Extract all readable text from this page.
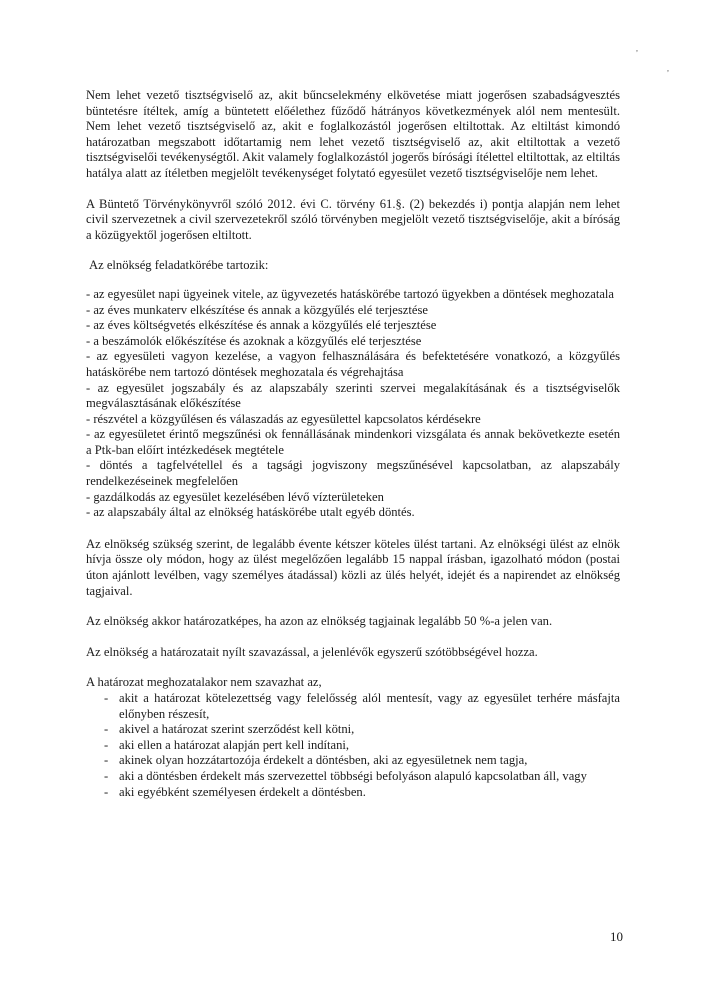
,
,

Nem lehet vezető tisztségviselő az, akit bűncselekmény elkövetése miatt jogerősen szabadságvesztés büntetésre ítéltek, amíg a büntetett előélethez fűződő hátrányos következmények alól nem mentesült. Nem lehet vezető tisztségviselő az, akit e foglalkozástól jogerősen eltiltottak. Az eltiltást kimondó határozatban megszabott időtartamig nem lehet vezető tisztségviselő az, akit eltiltottak a vezető tisztségviselői tevékenységtől. Akit valamely foglalkozástól jogerős bírósági ítélettel eltiltottak, az eltiltás hatálya alatt az ítéletben megjelölt tevékenységet folytató egyesület vezető tisztségviselője nem lehet.

A Büntető Törvénykönyvről szóló 2012. évi C. törvény 61.§. (2) bekezdés i) pontja alapján nem lehet civil szervezetnek a civil szervezetekről szóló törvényben megjelölt vezető tisztségviselője, akit a bíróság a közügyektől jogerősen eltiltott.

Az elnökség feladatkörébe tartozik:

- az egyesület napi ügyeinek vitele, az ügyvezetés hatáskörébe tartozó ügyekben a döntések meghozatala
- az éves munkaterv elkészítése és annak a közgyűlés elé terjesztése
- az éves költségvetés elkészítése és annak a közgyűlés elé terjesztése
- a beszámolók előkészítése és azoknak a közgyűlés elé terjesztése
- az egyesületi vagyon kezelése, a vagyon felhasználására és befektetésére vonatkozó, a közgyűlés hatáskörébe nem tartozó döntések meghozatala és végrehajtása
- az egyesület jogszabály és az alapszabály szerinti szervei megalakításának és a tisztségviselők megválasztásának előkészítése
- részvétel a közgyűlésen és válaszadás az egyesülettel kapcsolatos kérdésekre
- az egyesületet érintő megszűnési ok fennállásának mindenkori vizsgálata és annak bekövetkezte esetén a Ptk-ban előírt intézkedések megtétele
- döntés a tagfelvétellel és a tagsági jogviszony megszűnésével kapcsolatban, az alapszabály rendelkezéseinek megfelelően
- gazdálkodás az egyesület kezelésében lévő vízterületeken
- az alapszabály által az elnökség hatáskörébe utalt egyéb döntés.

Az elnökség szükség szerint, de legalább évente kétszer köteles ülést tartani. Az elnökségi ülést az elnök hívja össze oly módon, hogy az ülést megelőzően legalább 15 nappal írásban, igazolható módon (postai úton ajánlott levélben, vagy személyes átadással) közli az ülés helyét, idejét és a napirendet az elnökség tagjaival.

Az elnökség akkor határozatképes, ha azon az elnökség tagjainak legalább 50 %-a jelen van.

Az elnökség a határozatait nyílt szavazással, a jelenlévők egyszerű szótöbbségével hozza.

A határozat meghozatalakor nem szavazhat az,

- akit a határozat kötelezettség vagy felelősség alól mentesít, vagy az egyesület terhére másfajta előnyben részesít,
- akivel a határozat szerint szerződést kell kötni,
- aki ellen a határozat alapján pert kell indítani,
- akinek olyan hozzátartozója érdekelt a döntésben, aki az egyesületnek nem tagja,
- aki a döntésben érdekelt más szervezettel többségi befolyáson alapuló kapcsolatban áll, vagy
- aki egyébként személyesen érdekelt a döntésben.
10
